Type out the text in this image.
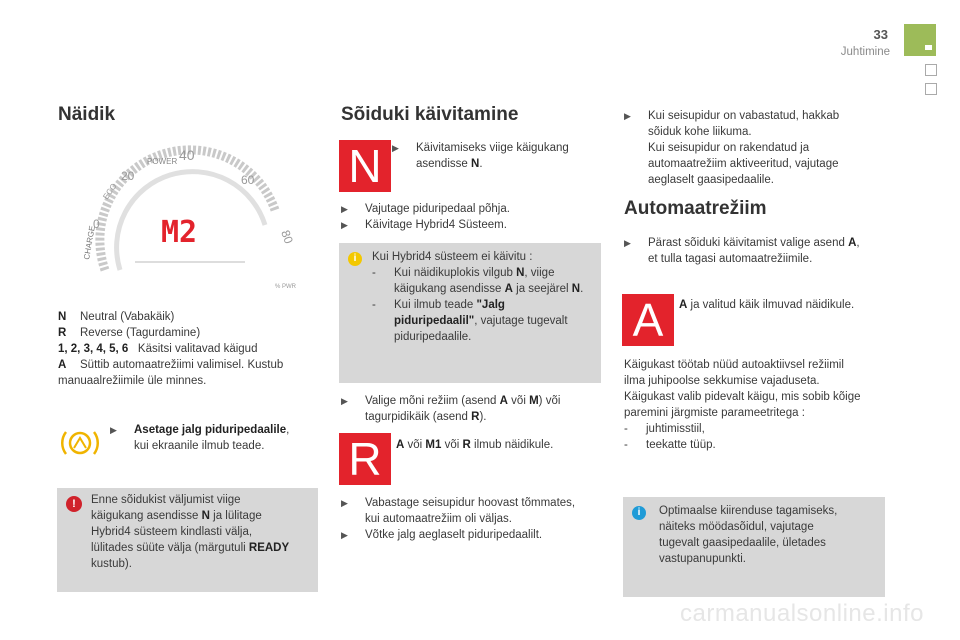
33
Juhtimine
Näidik
CHARGE
0
ECO
20
POWER 40
60
80
% PWR
M2
N Neutral (Vabakäik)
R Reverse (Tagurdamine)
1, 2, 3, 4, 5, 6 Käsitsi valitavad käigud
A Süttib automaatrežiimi valimisel. Kustub
manuaalrežiimile üle minnes.
▶ Asetage jalg piduripedaalile,
kui ekraanile ilmub teade.
!	Enne sõidukist väljumist viige
käigukang asendisse N ja lülitage
Hybrid4 süsteem kindlasti välja,
lülitades süüte välja (märgutuli READY
kustub).
Sõiduki käivitamine
N	▶ Käivitamiseks viige käigukang
asendisse N.
▶ Vajutage piduripedaal põhja.
▶ Käivitage Hybrid4 Süsteem.
i	Kui Hybrid4 süsteem ei käivitu :
- Kui näidikuplokis vilgub N, viige
käigukang asendisse A ja seejärel N.
- Kui ilmub teade "Jalg
piduripedaalil", vajutage tugevalt
piduripedaalile.
▶ Valige mõni režiim (asend A või M) või
tagurpidikäik (asend R).
R	A või M1 või R ilmub näidikule.
▶ Vabastage seisupidur hoovast tõmmates,
kui automaatrežiim oli väljas.
▶ Võtke jalg aeglaselt piduripedaalilt.
▶ Kui seisupidur on vabastatud, hakkab
sõiduk kohe liikuma.
Kui seisupidur on rakendatud ja
automaatrežiim aktiveeritud, vajutage
aeglaselt gaasipedaalile.
Automaatrežiim
▶ Pärast sõiduki käivitamist valige asend A,
et tulla tagasi automaatrežiimile.
A	A ja valitud käik ilmuvad näidikule.
Käigukast töötab nüüd autoaktiivsel režiimil
ilma juhipoolse sekkumise vajaduseta.
Käigukast valib pidevalt käigu, mis sobib kõige
paremini järgmiste parameetritega :
- juhtimisstiil,
- teekatte tüüp.
i	Optimaalse kiirenduse tagamiseks,
näiteks möödasõidul, vajutage
tugevalt gaasipedaalile, ületades
vastupanupunkti.
carmanualsonline.info
